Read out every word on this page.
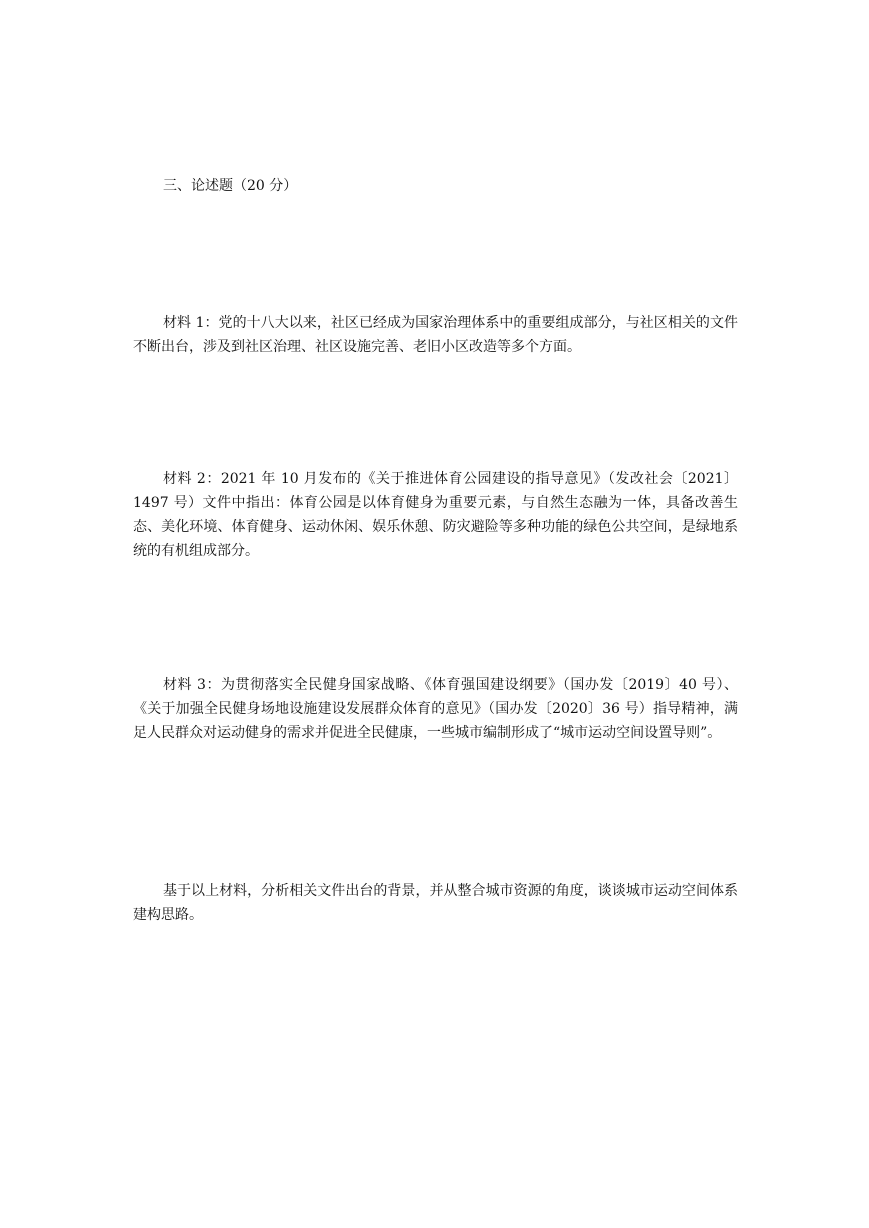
三、论述题（20 分）

材料 1：党的十八大以来，社区已经成为国家治理体系中的重要组成部分，与社区相关的文件不断出台，涉及到社区治理、社区设施完善、老旧小区改造等多个方面。

材料 2：2021 年 10 月发布的《关于推进体育公园建设的指导意见》（发改社会〔2021〕1497 号）文件中指出：体育公园是以体育健身为重要元素，与自然生态融为一体，具备改善生态、美化环境、体育健身、运动休闲、娱乐休憩、防灾避险等多种功能的绿色公共空间，是绿地系统的有机组成部分。

材料 3：为贯彻落实全民健身国家战略、《体育强国建设纲要》（国办发〔2019〕40 号）、《关于加强全民健身场地设施建设发展群众体育的意见》（国办发〔2020〕36 号）指导精神，满足人民群众对运动健身的需求并促进全民健康，一些城市编制形成了“城市运动空间设置导则”。

基于以上材料，分析相关文件出台的背景，并从整合城市资源的角度，谈谈城市运动空间体系建构思路。
